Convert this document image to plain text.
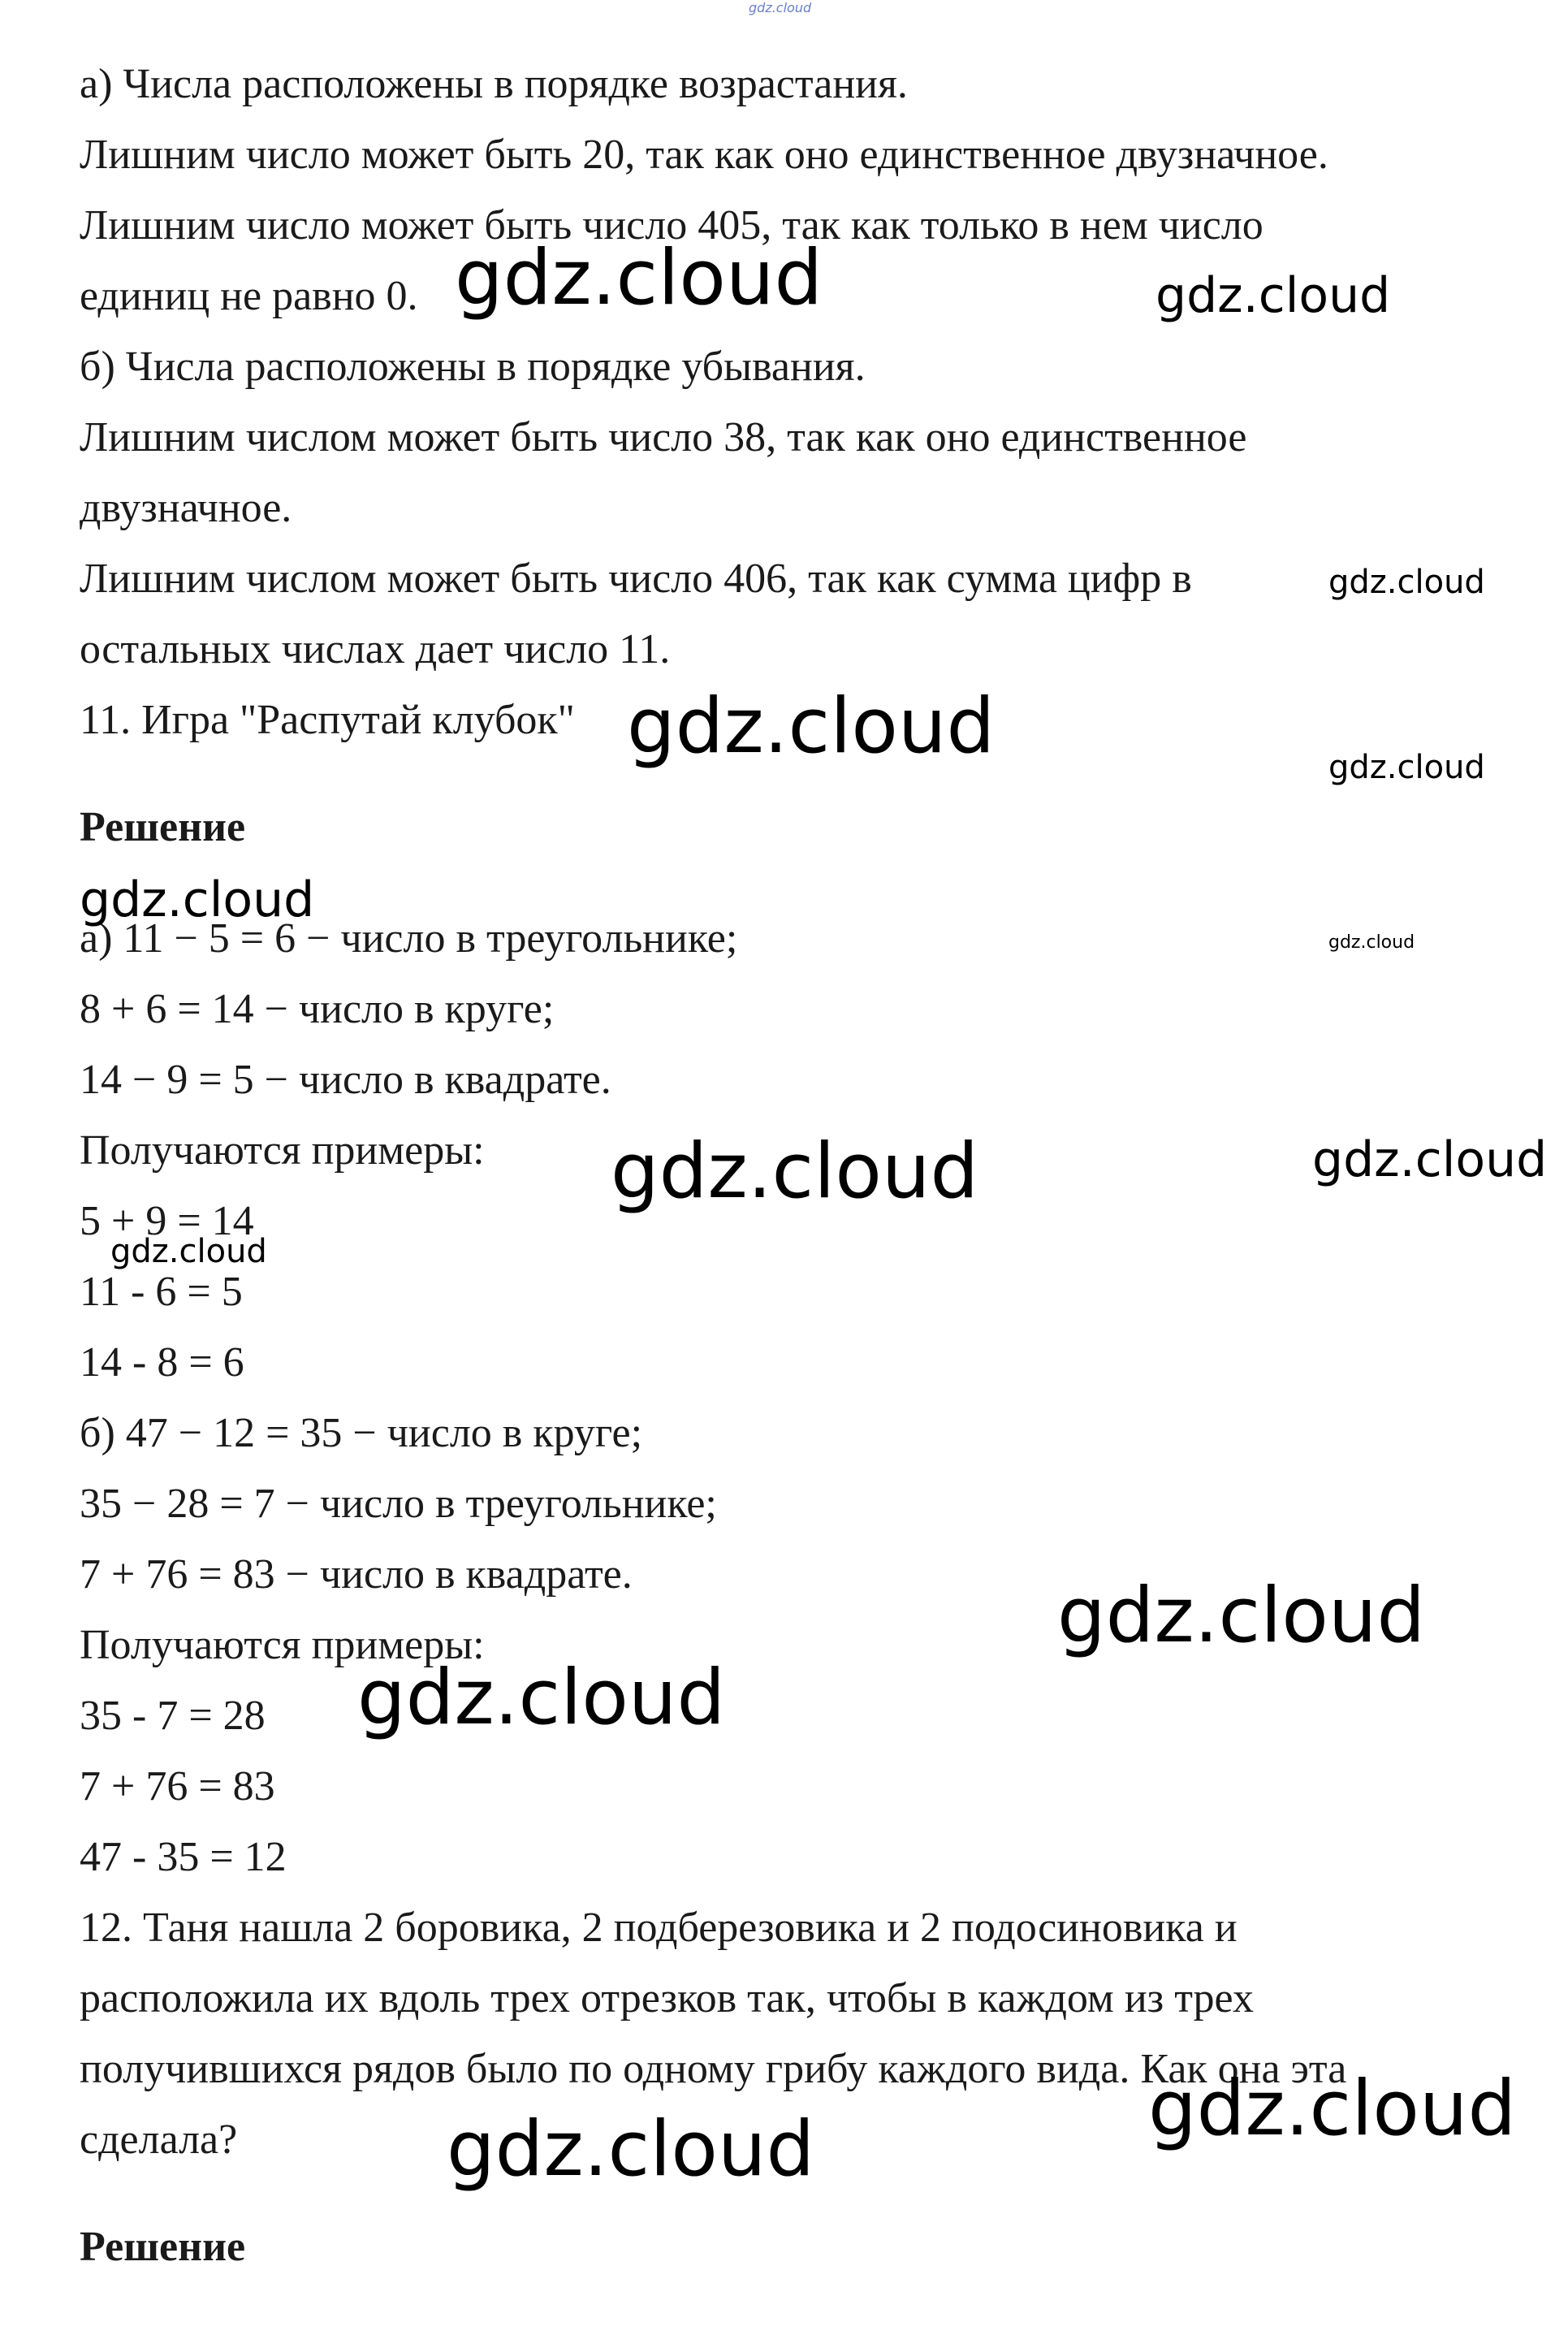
gdz.cloud
а) Числа расположены в порядке возрастания.
Лишним число может быть 20, так как оно единственное двузначное.
Лишним число может быть число 405, так как только в нем число
единиц не равно 0.
б) Числа расположены в порядке убывания.
Лишним числом может быть число 38, так как оно единственное
двузначное.
Лишним числом может быть число 406, так как сумма цифр в
остальных числах дает число 11.
11. Игра "Распутай клубок"
Решение
а) 11 − 5 = 6 − число в треугольнике;
8 + 6 = 14 − число в круге;
14 − 9 = 5 − число в квадрате.
Получаются примеры:
5 + 9 = 14
11 - 6 = 5
14 - 8 = 6
б) 47 − 12 = 35 − число в круге;
35 − 28 = 7 − число в треугольнике;
7 + 76 = 83 − число в квадрате.
Получаются примеры:
35 - 7 = 28
7 + 76 = 83
47 - 35 = 12
12. Таня нашла 2 боровика, 2 подберезовика и 2 подосиновика и
расположила их вдоль трех отрезков так, чтобы в каждом из трех
получившихся рядов было по одному грибу каждого вида. Как она эта
сделала?
Решение
gdz.cloud	gdz.cloud
gdz.cloud
gdz.cloud	gdz.cloud
gdz.cloud
gdz.cloud
gdz.cloud	gdz.cloud
gdz.cloud
gdz.cloud
gdz.cloud
gdz.cloud
gdz.cloud
